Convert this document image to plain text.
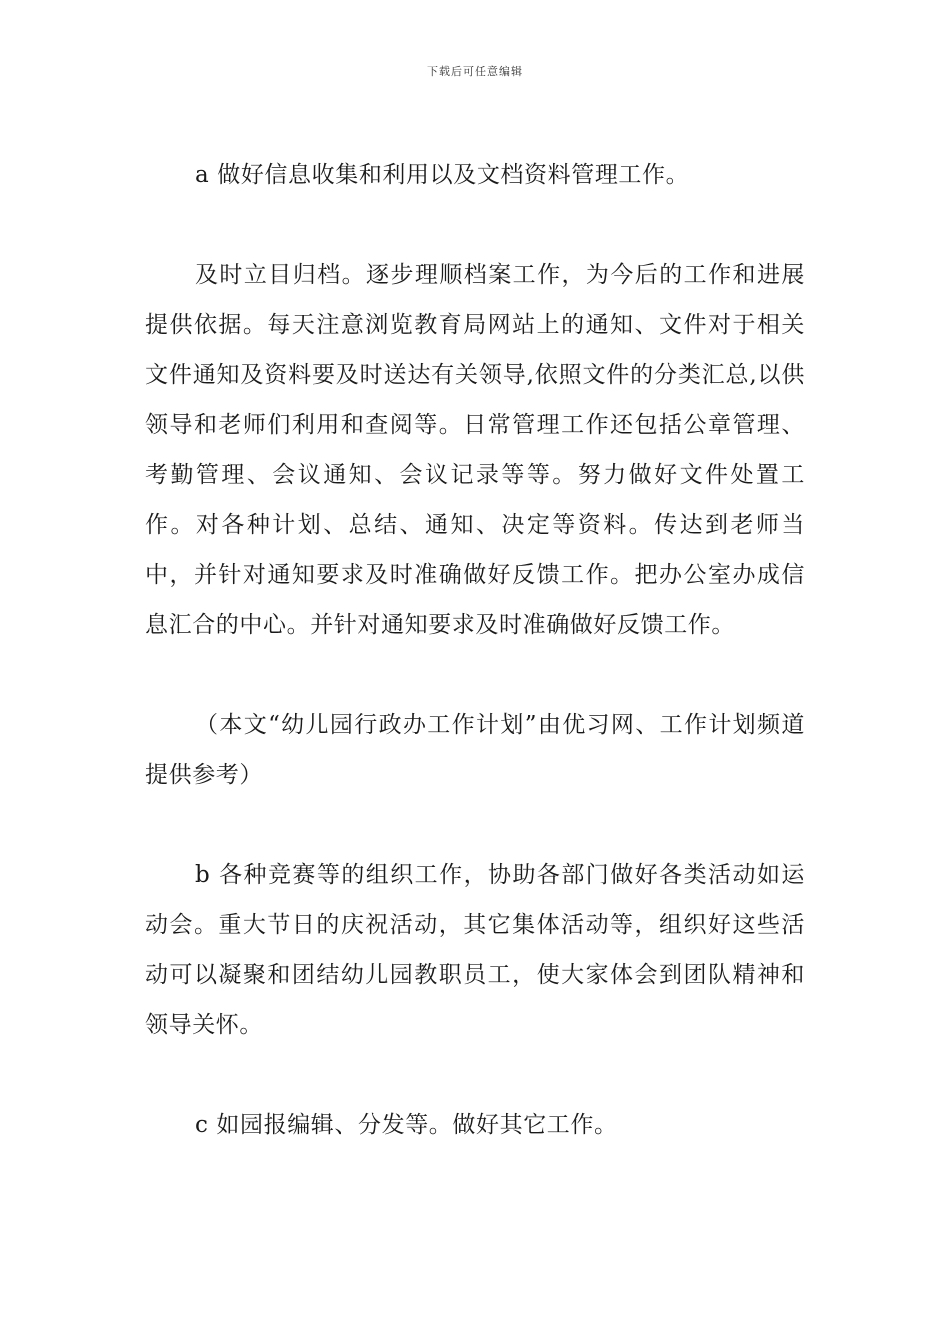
下载后可任意编辑

a 做好信息收集和利用以及文档资料管理工作。

及时立目归档。逐步理顺档案工作，为今后的工作和进展提供依据。每天注意浏览教育局网站上的通知、文件对于相关文件通知及资料要及时送达有关领导,依照文件的分类汇总,以供领导和老师们利用和查阅等。日常管理工作还包括公章管理、考勤管理、会议通知、会议记录等等。努力做好文件处置工作。对各种计划、总结、通知、决定等资料。传达到老师当中，并针对通知要求及时准确做好反馈工作。把办公室办成信息汇合的中心。并针对通知要求及时准确做好反馈工作。

（本文“幼儿园行政办工作计划”由优习网、工作计划频道提供参考）

b 各种竞赛等的组织工作，协助各部门做好各类活动如运动会。重大节日的庆祝活动，其它集体活动等，组织好这些活动可以凝聚和团结幼儿园教职员工，使大家体会到团队精神和领导关怀。

c 如园报编辑、分发等。做好其它工作。
